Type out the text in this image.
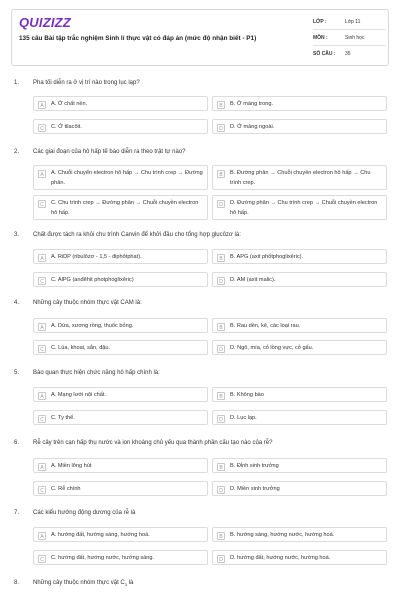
QUIZIZZ
135 câu Bài tập trắc nghiệm Sinh lí thực vật có đáp án (mức độ nhận biết - P1)
LỚP :	Lớp 11
MÔN :	Sinh học
SỐ CÂU : 35
1. Pha tối diễn ra ở vị trí nào trong lục lạp?
A	A. Ở chất nền.	B	B. Ở màng trong.
C	C. Ở tilacôit.	D	D. Ở màng ngoài.
2. Các giai đoạn của hô hấp tế bào diễn ra theo trật tự nào?
A	A. Chuỗi chuyển electron hô hấp → Chu trình crep → Đường phân.
B	B. Đường phân → Chuỗi chuyền electron hô hấp → Chu trình crep.
C	C. Chu trình crep → Đường phân → Chuỗi chuyền electron hô hấp.
D	D. Đường phân → Chu trình crep → Chuỗi chuyền electron hô hấp.
3. Chất được tách ra khỏi chu trình Canvin để khởi đầu cho tổng hợp glucôzơ là:
A	A. RiDP (ribulôzơ - 1,5 - điphôtphat).	B	B. APG (axit phốtphoglixêric).
C	C. AlPG (anđêhit photphoglixêric)	D	D. AM (axit malic).
4. Những cây thuộc nhóm thực vật CAM là:
A	A. Dứa, xương rồng, thuốc bỏng.	B	B. Rau dền, kê, các loại rau.
C	C. Lúa, khoai, sắn, đậu.	D	D. Ngô, mía, cỏ lồng vực, cỏ gấu.
5. Bào quan thực hiện chức năng hô hấp chính là:
A	A. Mạng lưới nội chất.	B	B. Không bào
C	C. Ty thể.	D	D. Lục lạp.
6. Rễ cây trên cạn hấp thụ nước và ion khoáng chủ yếu qua thành phần cấu tạo nào của rễ?
A	A. Miền lông hút	B	B. Đỉnh sinh trưởng
C	C. Rễ chính	D	D. Miền sinh trưởng
7. Các kiểu hướng động dương của rễ là
A	A. hướng đất, hướng sáng, hướng hoá.	B	B. hướng sáng, hướng nước, hướng hoá.
C	C. hướng đất, hướng nước, hướng sáng.	D	D. hướng đất, hướng nước, hướng hoá.
8. Những cây thuộc nhóm thực vật $C_3$ là
